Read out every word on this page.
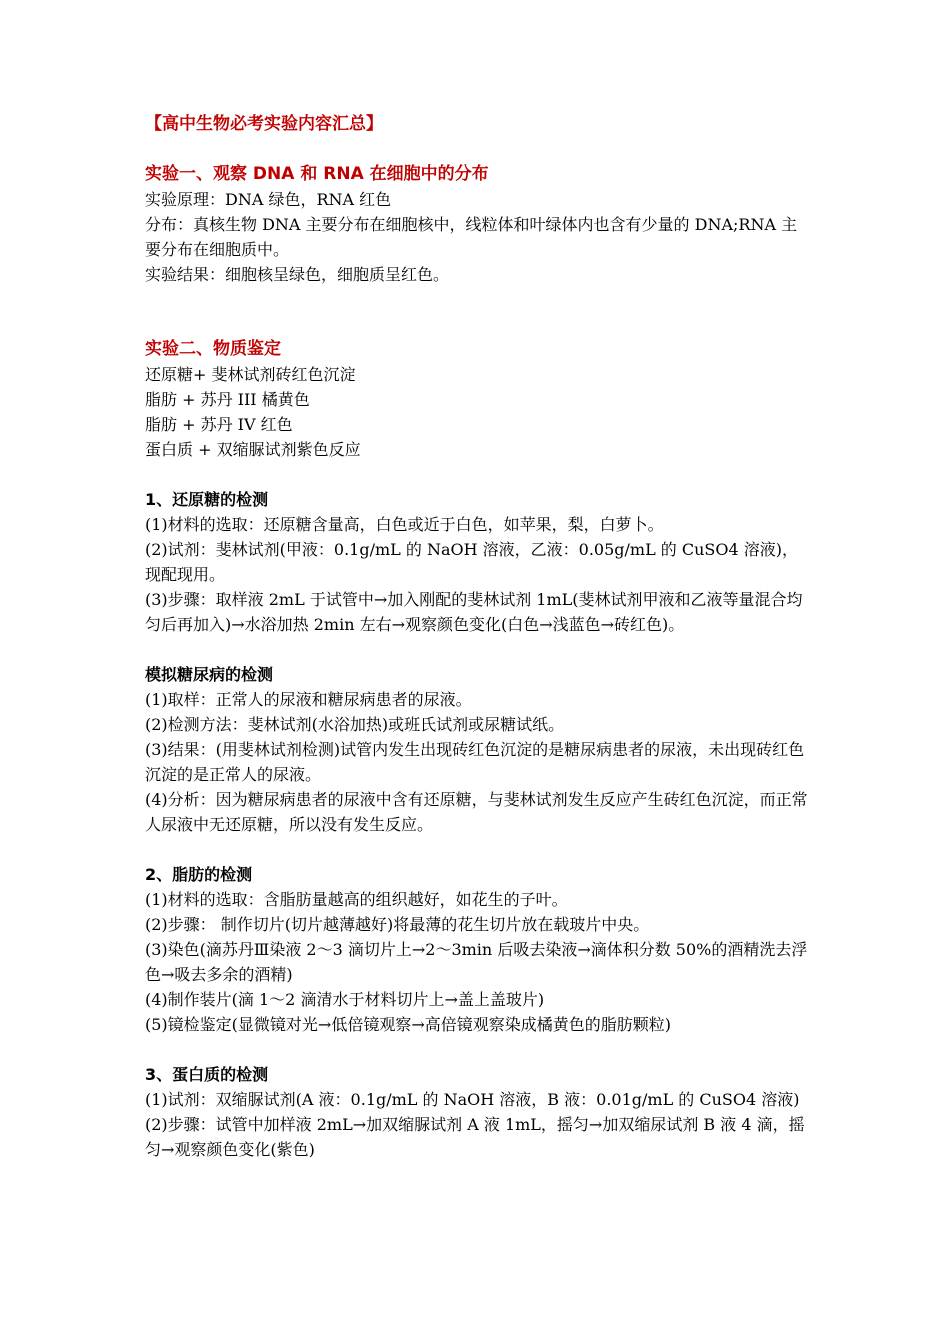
【高中生物必考实验内容汇总】
实验一、观察 DNA 和 RNA 在细胞中的分布
实验原理：DNA 绿色，RNA 红色
分布：真核生物 DNA 主要分布在细胞核中，线粒体和叶绿体内也含有少量的 DNA;RNA 主要分布在细胞质中。
实验结果：细胞核呈绿色，细胞质呈红色。
实验二、物质鉴定
还原糖+ 斐林试剂砖红色沉淀
脂肪 + 苏丹 III 橘黄色
脂肪 + 苏丹 IV 红色
蛋白质 + 双缩脲试剂紫色反应
1、还原糖的检测
(1)材料的选取：还原糖含量高，白色或近于白色，如苹果，梨，白萝卜。
(2)试剂：斐林试剂(甲液：0.1g/mL 的 NaOH 溶液，乙液：0.05g/mL 的 CuSO4 溶液)，现配现用。
(3)步骤：取样液 2mL 于试管中→加入刚配的斐林试剂 1mL(斐林试剂甲液和乙液等量混合均匀后再加入)→水浴加热 2min 左右→观察颜色变化(白色→浅蓝色→砖红色)。
模拟糖尿病的检测
(1)取样：正常人的尿液和糖尿病患者的尿液。
(2)检测方法：斐林试剂(水浴加热)或班氏试剂或尿糖试纸。
(3)结果：(用斐林试剂检测)试管内发生出现砖红色沉淀的是糖尿病患者的尿液，未出现砖红色沉淀的是正常人的尿液。
(4)分析：因为糖尿病患者的尿液中含有还原糖，与斐林试剂发生反应产生砖红色沉淀，而正常人尿液中无还原糖，所以没有发生反应。
2、脂肪的检测
(1)材料的选取：含脂肪量越高的组织越好，如花生的子叶。
(2)步骤： 制作切片(切片越薄越好)将最薄的花生切片放在载玻片中央。
(3)染色(滴苏丹Ⅲ染液 2～3 滴切片上→2～3min 后吸去染液→滴体积分数 50%的酒精洗去浮色→吸去多余的酒精)
(4)制作装片(滴 1～2 滴清水于材料切片上→盖上盖玻片)
(5)镜检鉴定(显微镜对光→低倍镜观察→高倍镜观察染成橘黄色的脂肪颗粒)
3、蛋白质的检测
(1)试剂：双缩脲试剂(A 液：0.1g/mL 的 NaOH 溶液，B 液：0.01g/mL 的 CuSO4 溶液)
(2)步骤：试管中加样液 2mL→加双缩脲试剂 A 液 1mL，摇匀→加双缩尿试剂 B 液 4 滴，摇匀→观察颜色变化(紫色)
